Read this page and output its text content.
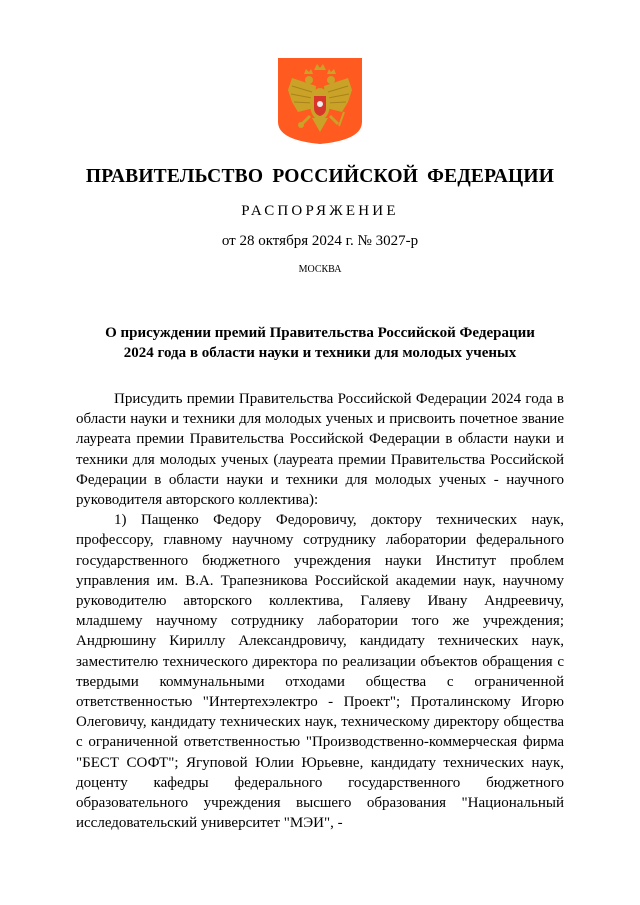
ПРАВИТЕЛЬСТВО РОССИЙСКОЙ ФЕДЕРАЦИИ
РАСПОРЯЖЕНИЕ
от 28 октября 2024 г. № 3027-р
МОСКВА
О присуждении премий Правительства Российской Федерации
2024 года в области науки и техники для молодых ученых

Присудить премии Правительства Российской Федерации 2024 года в области науки и техники для молодых ученых и присвоить почетное звание лауреата премии Правительства Российской Федерации в области науки и техники для молодых ученых (лауреата премии Правительства Российской Федерации в области науки и техники для молодых ученых - научного руководителя авторского коллектива):

1) Пащенко Федору Федоровичу, доктору технических наук, профессору, главному научному сотруднику лаборатории федерального государственного бюджетного учреждения науки Институт проблем управления им. В.А. Трапезникова Российской академии наук, научному руководителю авторского коллектива, Галяеву Ивану Андреевичу, младшему научному сотруднику лаборатории того же учреждения; Андрюшину Кириллу Александровичу, кандидату технических наук, заместителю технического директора по реализации объектов обращения с твердыми коммунальными отходами общества с ограниченной ответственностью "Интертехэлектро - Проект"; Проталинскому Игорю Олеговичу, кандидату технических наук, техническому директору общества с ограниченной ответственностью "Производственно-коммерческая фирма "БЕСТ СОФТ"; Ягуповой Юлии Юрьевне, кандидату технических наук, доценту кафедры федерального государственного бюджетного образовательного учреждения высшего образования "Национальный исследовательский университет "МЭИ", -
